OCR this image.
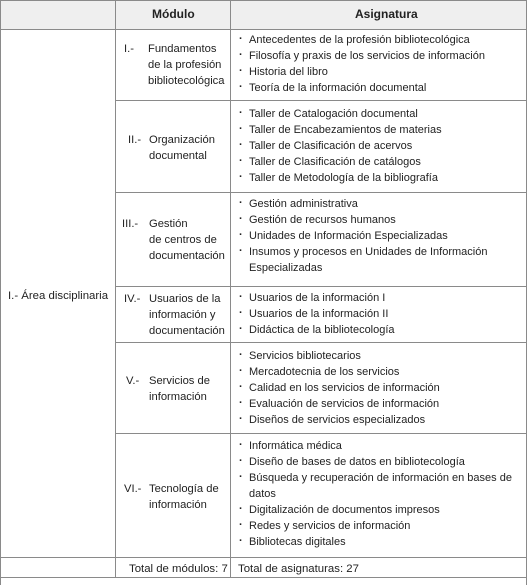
Módulo	Asignatura
I.- Área disciplinaria
I.- Fundamentos
de la profesión
bibliotecológica
· Antecedentes de la profesión bibliotecológica
· Filosofía y praxis de los servicios de información
· Historia del libro
· Teoría de la información documental
II.- Organización
documental
· Taller de Catalogación documental
· Taller de Encabezamientos de materias
· Taller de Clasificación de acervos
· Taller de Clasificación de catálogos
· Taller de Metodología de la bibliografía
III.- Gestión
de centros de
documentación
· Gestión administrativa
· Gestión de recursos humanos
· Unidades de Información Especializadas
· Insumos y procesos en Unidades de Información Especializadas
IV.- Usuarios de la
información y
documentación
· Usuarios de la información I
· Usuarios de la información II
· Didáctica de la bibliotecología
V.- Servicios de
información
· Servicios bibliotecarios
· Mercadotecnia de los servicios
· Calidad en los servicios de información
· Evaluación de servicios de información
· Diseños de servicios especializados
VI.- Tecnología de
información
· Informática médica
· Diseño de bases de datos en bibliotecología
· Búsqueda y recuperación de información en bases de datos
· Digitalización de documentos impresos
· Redes y servicios de información
· Bibliotecas digitales
Total de módulos: 7 Total de asignaturas: 27
